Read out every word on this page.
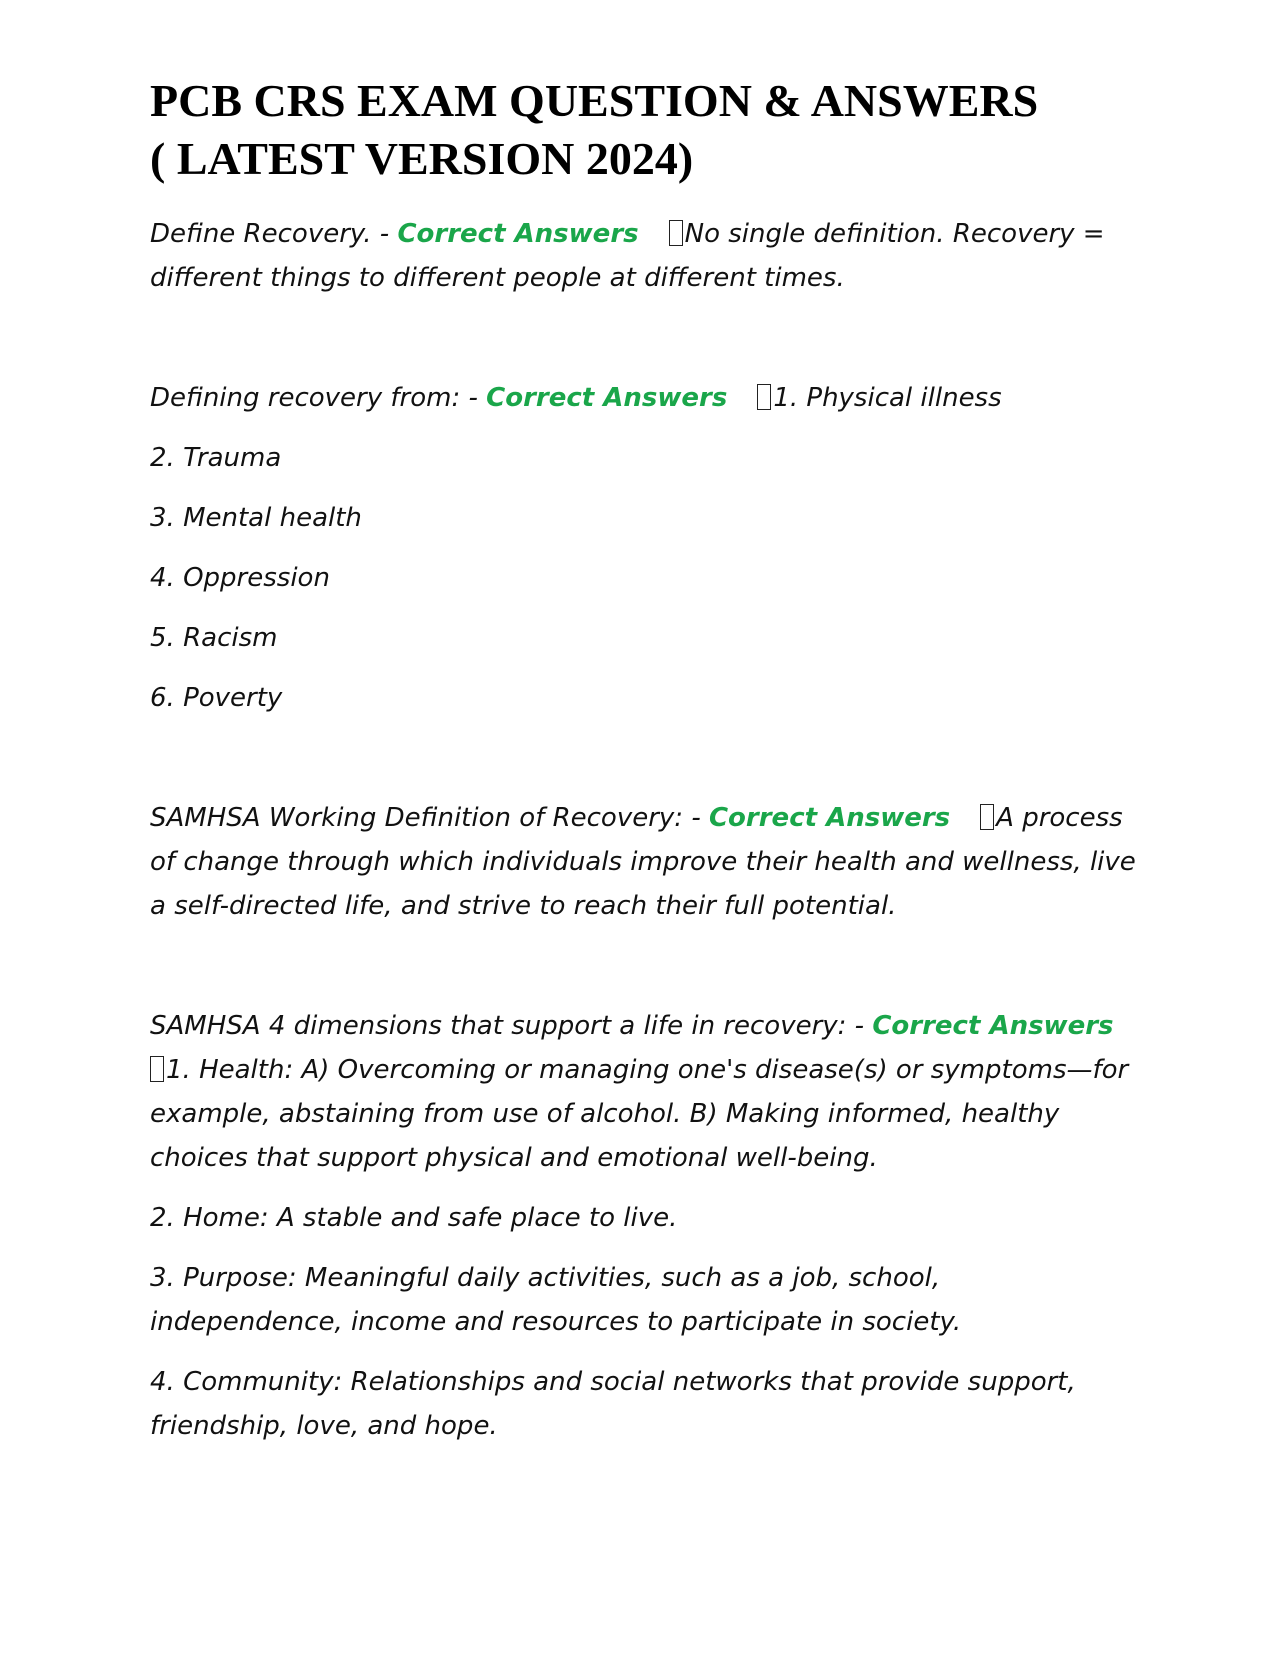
PCB CRS EXAM QUESTION & ANSWERS
( LATEST VERSION 2024)

Define Recovery. - Correct Answers No single definition. Recovery = different things to different people at different times.

Defining recovery from: - Correct Answers 1. Physical illness

2. Trauma

3. Mental health

4. Oppression

5. Racism

6. Poverty

SAMHSA Working Definition of Recovery: - Correct Answers A process of change through which individuals improve their health and wellness, live a self-directed life, and strive to reach their full potential.

SAMHSA 4 dimensions that support a life in recovery: - Correct Answers
1. Health: A) Overcoming or managing one's disease(s) or symptoms—for example, abstaining from use of alcohol. B) Making informed, healthy choices that support physical and emotional well-being.

2. Home: A stable and safe place to live.

3. Purpose: Meaningful daily activities, such as a job, school, independence, income and resources to participate in society.

4. Community: Relationships and social networks that provide support, friendship, love, and hope.
